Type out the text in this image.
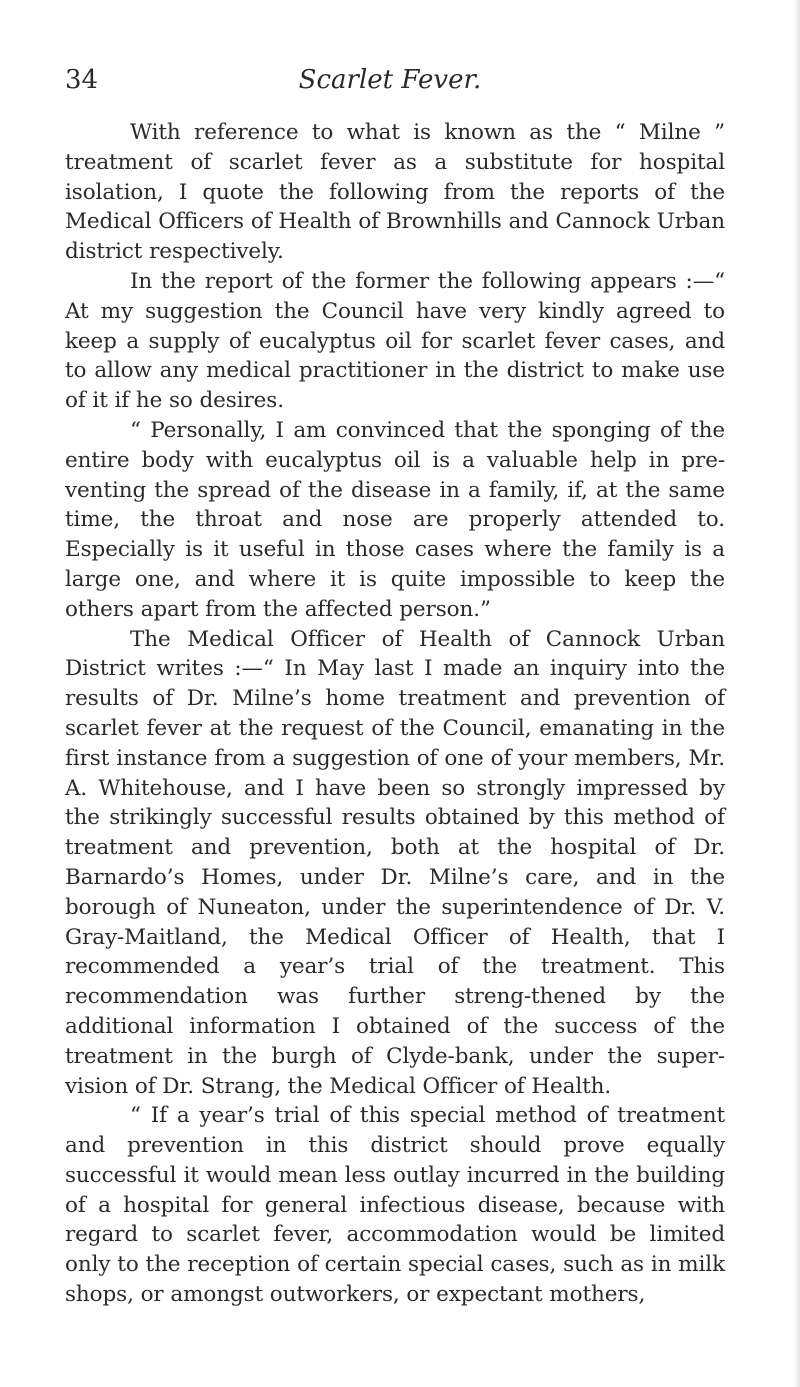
34	Scarlet Fever.

With reference to what is known as the “ Milne ” treatment of scarlet fever as a substitute for hospital isolation, I quote the following from the reports of the Medical Officers of Health of Brownhills and Cannock Urban district respectively.

In the report of the former the following appears :—“ At my suggestion the Council have very kindly agreed to keep a supply of eucalyptus oil for scarlet fever cases, and to allow any medical practitioner in the district to make use of it if he so desires.

“ Personally, I am convinced that the sponging of the entire body with eucalyptus oil is a valuable help in pre-venting the spread of the disease in a family, if, at the same time, the throat and nose are properly attended to. Especially is it useful in those cases where the family is a large one, and where it is quite impossible to keep the others apart from the affected person.”

The Medical Officer of Health of Cannock Urban District writes :—“ In May last I made an inquiry into the results of Dr. Milne’s home treatment and prevention of scarlet fever at the request of the Council, emanating in the first instance from a suggestion of one of your members, Mr. A. Whitehouse, and I have been so strongly impressed by the strikingly successful results obtained by this method of treatment and prevention, both at the hospital of Dr. Barnardo’s Homes, under Dr. Milne’s care, and in the borough of Nuneaton, under the superintendence of Dr. V. Gray-Maitland, the Medical Officer of Health, that I recommended a year’s trial of the treatment. This recommendation was further streng-thened by the additional information I obtained of the success of the treatment in the burgh of Clyde-bank, under the super-vision of Dr. Strang, the Medical Officer of Health.

“ If a year’s trial of this special method of treatment and prevention in this district should prove equally successful it would mean less outlay incurred in the building of a hospital for general infectious disease, because with regard to scarlet fever, accommodation would be limited only to the reception of certain special cases, such as in milk shops, or amongst outworkers, or expectant mothers,
